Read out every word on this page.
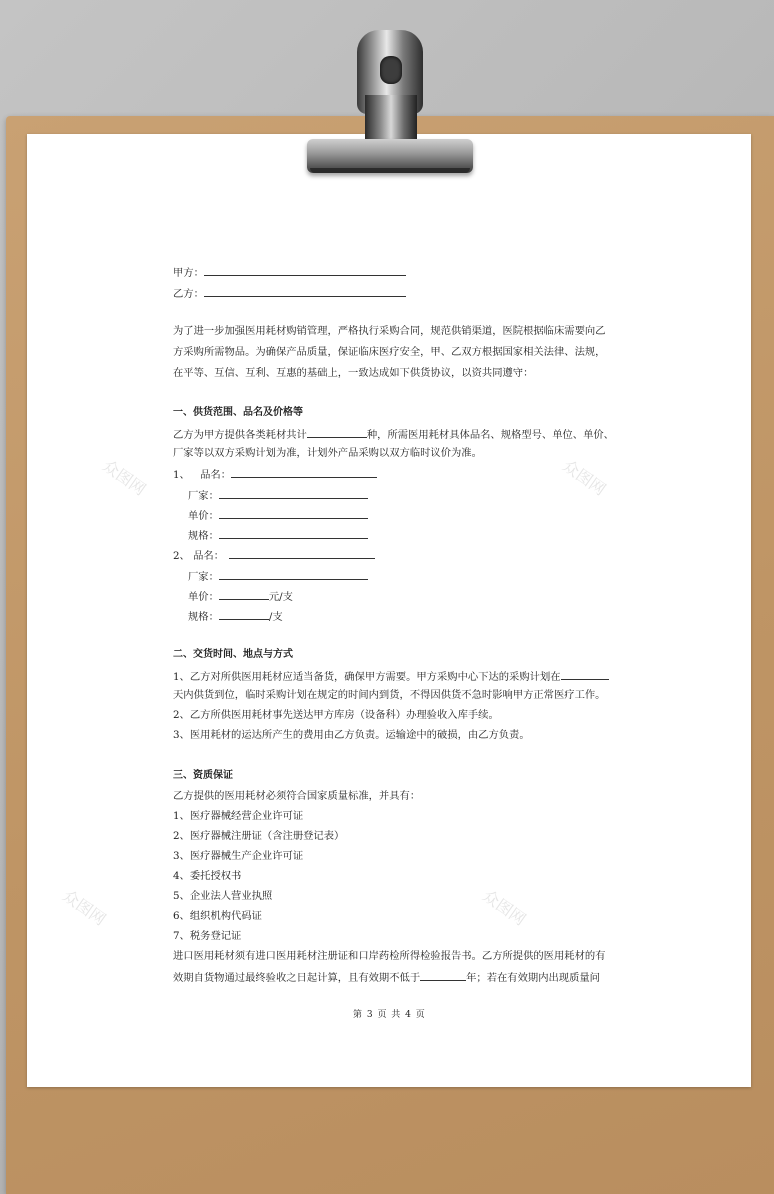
甲方：
乙方：
为了进一步加强医用耗材购销管理，严格执行采购合同，规范供销渠道，医院根据临床需要向乙
方采购所需物品。为确保产品质量，保证临床医疗安全，甲、乙双方根据国家相关法律、法规，
在平等、互信、互利、互惠的基础上，一致达成如下供货协议，以资共同遵守：
一、供货范围、品名及价格等
乙方为甲方提供各类耗材共计	种，所需医用耗材具体品名、规格型号、单位、单价、
厂家等以双方采购计划为准，计划外产品采购以双方临时议价为准。
1、 品名：
厂家：
单价：
规格：
2、 品名：
厂家：
单价：	元/支
规格：	/支
二、交货时间、地点与方式
1、乙方对所供医用耗材应适当备货，确保甲方需要。甲方采购中心下达的采购计划在
天内供货到位，临时采购计划在规定的时间内到货，不得因供货不急时影响甲方正常医疗工作。
2、乙方所供医用耗材事先送达甲方库房（设备科）办理验收入库手续。
3、医用耗材的运达所产生的费用由乙方负责。运输途中的破损，由乙方负责。
三、资质保证
乙方提供的医用耗材必须符合国家质量标准，并具有：
1、医疗器械经营企业许可证
2、医疗器械注册证（含注册登记表）
3、医疗器械生产企业许可证
4、委托授权书
5、企业法人营业执照
6、组织机构代码证
7、税务登记证
进口医用耗材须有进口医用耗材注册证和口岸药检所得检验报告书。乙方所提供的医用耗材的有
效期自货物通过最终验收之日起计算，且有效期不低于	年；若在有效期内出现质量问
第 3 页 共 4 页
众图网	众图网
众图网	众图网
